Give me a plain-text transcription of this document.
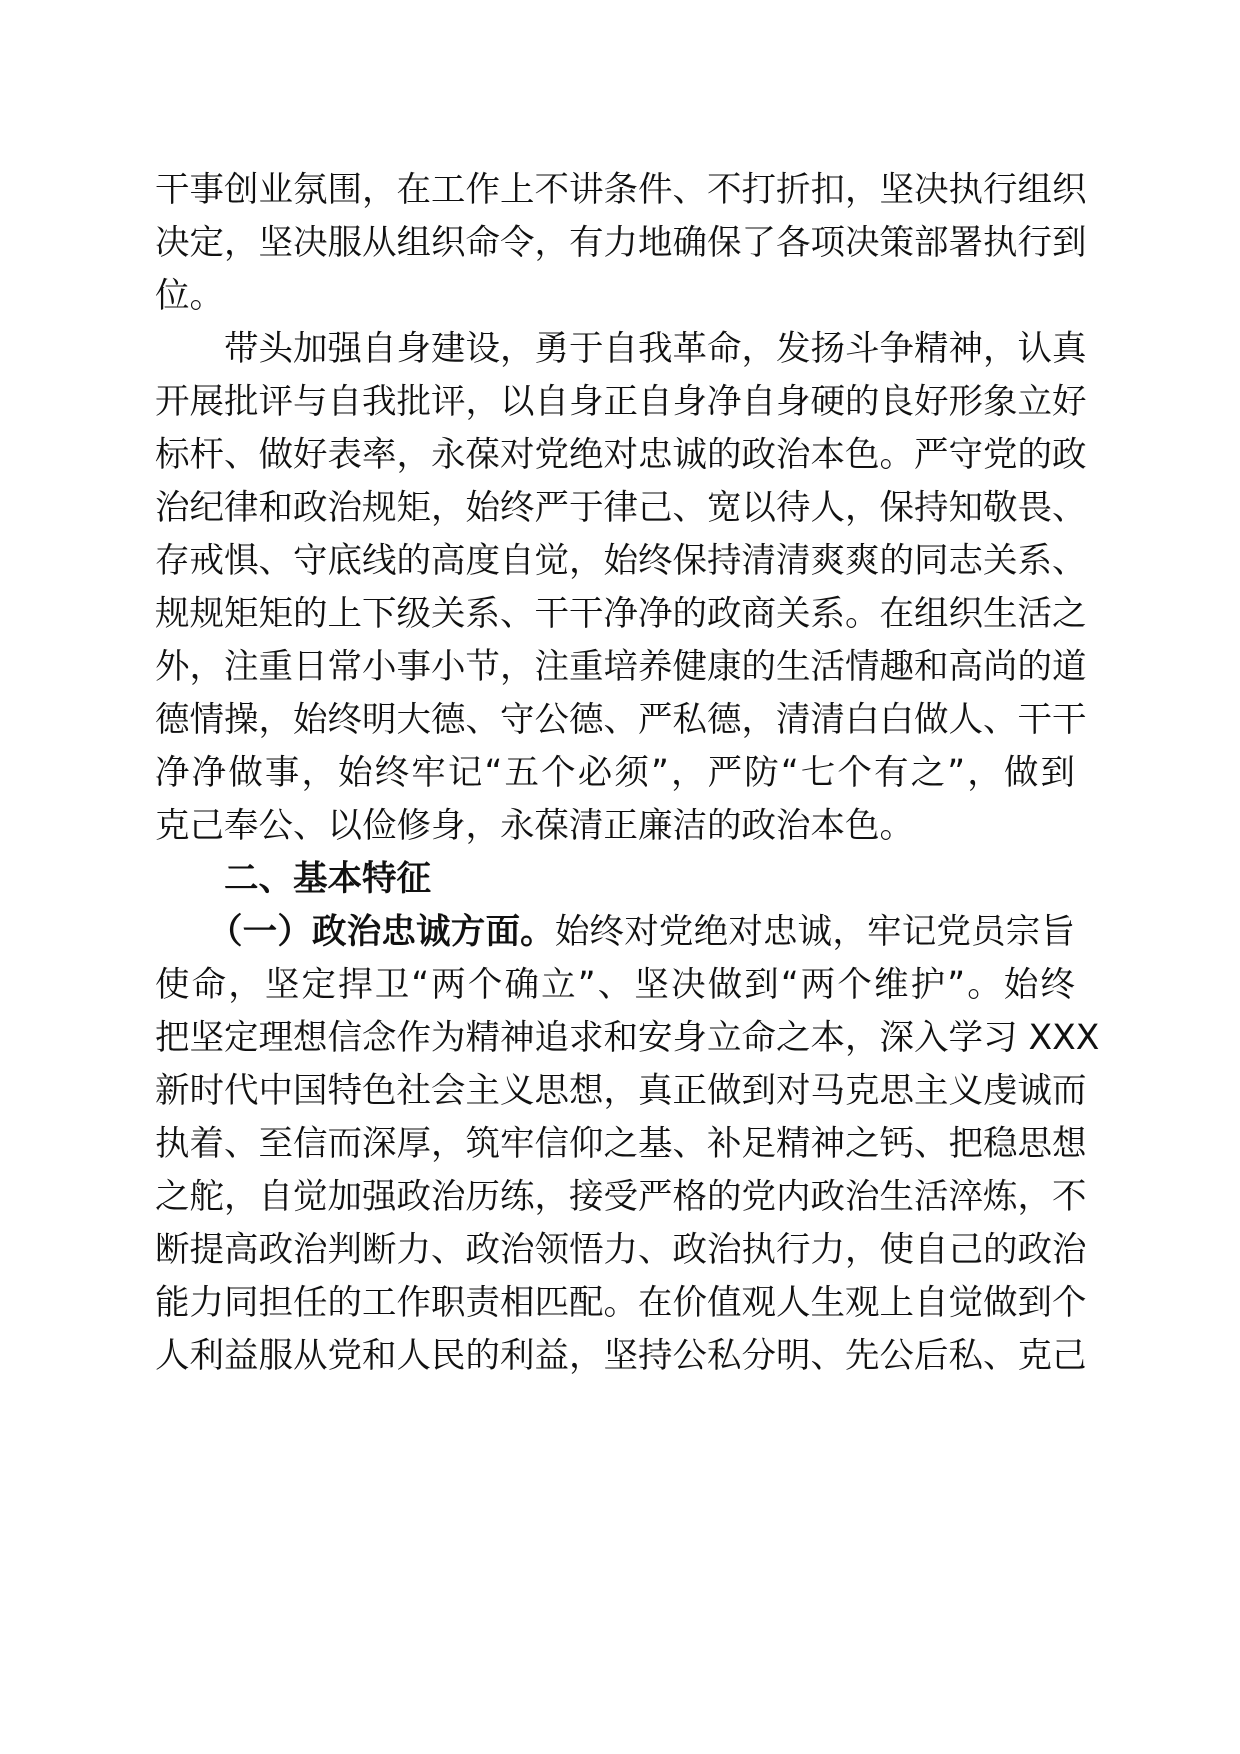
干事创业氛围，在工作上不讲条件、不打折扣，坚决执行组织
决定，坚决服从组织命令，有力地确保了各项决策部署执行到
位。
带头加强自身建设，勇于自我革命，发扬斗争精神，认真
开展批评与自我批评，以自身正自身净自身硬的良好形象立好
标杆、做好表率，永葆对党绝对忠诚的政治本色。严守党的政
治纪律和政治规矩，始终严于律己、宽以待人，保持知敬畏、
存戒惧、守底线的高度自觉，始终保持清清爽爽的同志关系、
规规矩矩的上下级关系、干干净净的政商关系。在组织生活之
外，注重日常小事小节，注重培养健康的生活情趣和高尚的道
德情操，始终明大德、守公德、严私德，清清白白做人、干干
净净做事，始终牢记“五个必须”，严防“七个有之”，做到
克己奉公、以俭修身，永葆清正廉洁的政治本色。
二、基本特征
（一）政治忠诚方面。始终对党绝对忠诚，牢记党员宗旨
使命，坚定捍卫“两个确立”、坚决做到“两个维护”。始终
把坚定理想信念作为精神追求和安身立命之本，深入学习 XXX
新时代中国特色社会主义思想，真正做到对马克思主义虔诚而
执着、至信而深厚，筑牢信仰之基、补足精神之钙、把稳思想
之舵，自觉加强政治历练，接受严格的党内政治生活淬炼，不
断提高政治判断力、政治领悟力、政治执行力，使自己的政治
能力同担任的工作职责相匹配。在价值观人生观上自觉做到个
人利益服从党和人民的利益，坚持公私分明、先公后私、克己
